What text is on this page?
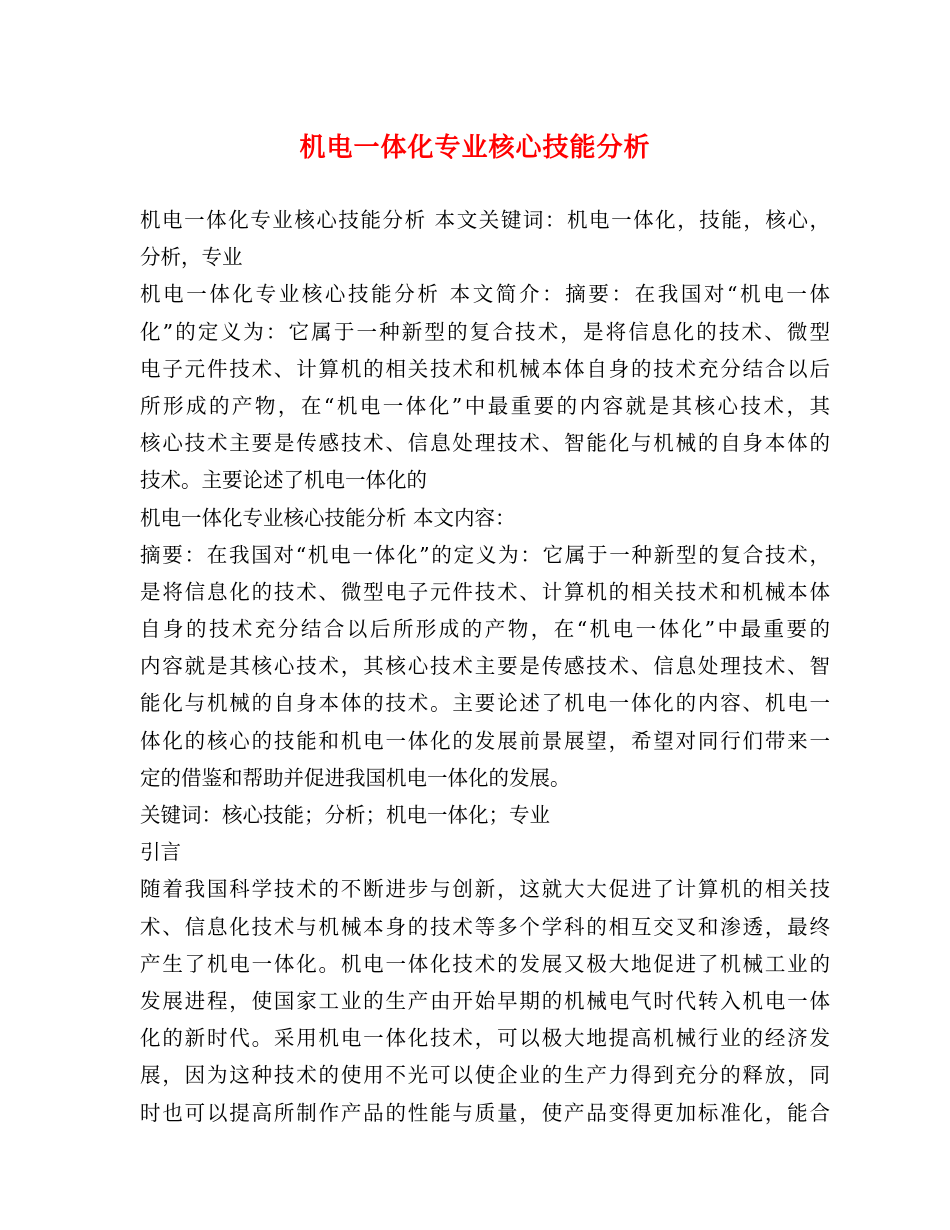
机电一体化专业核心技能分析
机电一体化专业核心技能分析 本文关键词：机电一体化，技能，核心，
分析，专业
机电一体化专业核心技能分析 本文简介：摘要：在我国对“机电一体
化”的定义为：它属于一种新型的复合技术，是将信息化的技术、微型
电子元件技术、计算机的相关技术和机械本体自身的技术充分结合以后
所形成的产物，在“机电一体化”中最重要的内容就是其核心技术，其
核心技术主要是传感技术、信息处理技术、智能化与机械的自身本体的
技术。主要论述了机电一体化的
机电一体化专业核心技能分析 本文内容：
摘要：在我国对“机电一体化”的定义为：它属于一种新型的复合技术，
是将信息化的技术、微型电子元件技术、计算机的相关技术和机械本体
自身的技术充分结合以后所形成的产物，在“机电一体化”中最重要的
内容就是其核心技术，其核心技术主要是传感技术、信息处理技术、智
能化与机械的自身本体的技术。主要论述了机电一体化的内容、机电一
体化的核心的技能和机电一体化的发展前景展望，希望对同行们带来一
定的借鉴和帮助并促进我国机电一体化的发展。
关键词：核心技能；分析；机电一体化；专业
引言
随着我国科学技术的不断进步与创新，这就大大促进了计算机的相关技
术、信息化技术与机械本身的技术等多个学科的相互交叉和渗透，最终
产生了机电一体化。机电一体化技术的发展又极大地促进了机械工业的
发展进程，使国家工业的生产由开始早期的机械电气时代转入机电一体
化的新时代。采用机电一体化技术，可以极大地提高机械行业的经济发
展，因为这种技术的使用不光可以使企业的生产力得到充分的释放，同
时也可以提高所制作产品的性能与质量，使产品变得更加标准化，能合
